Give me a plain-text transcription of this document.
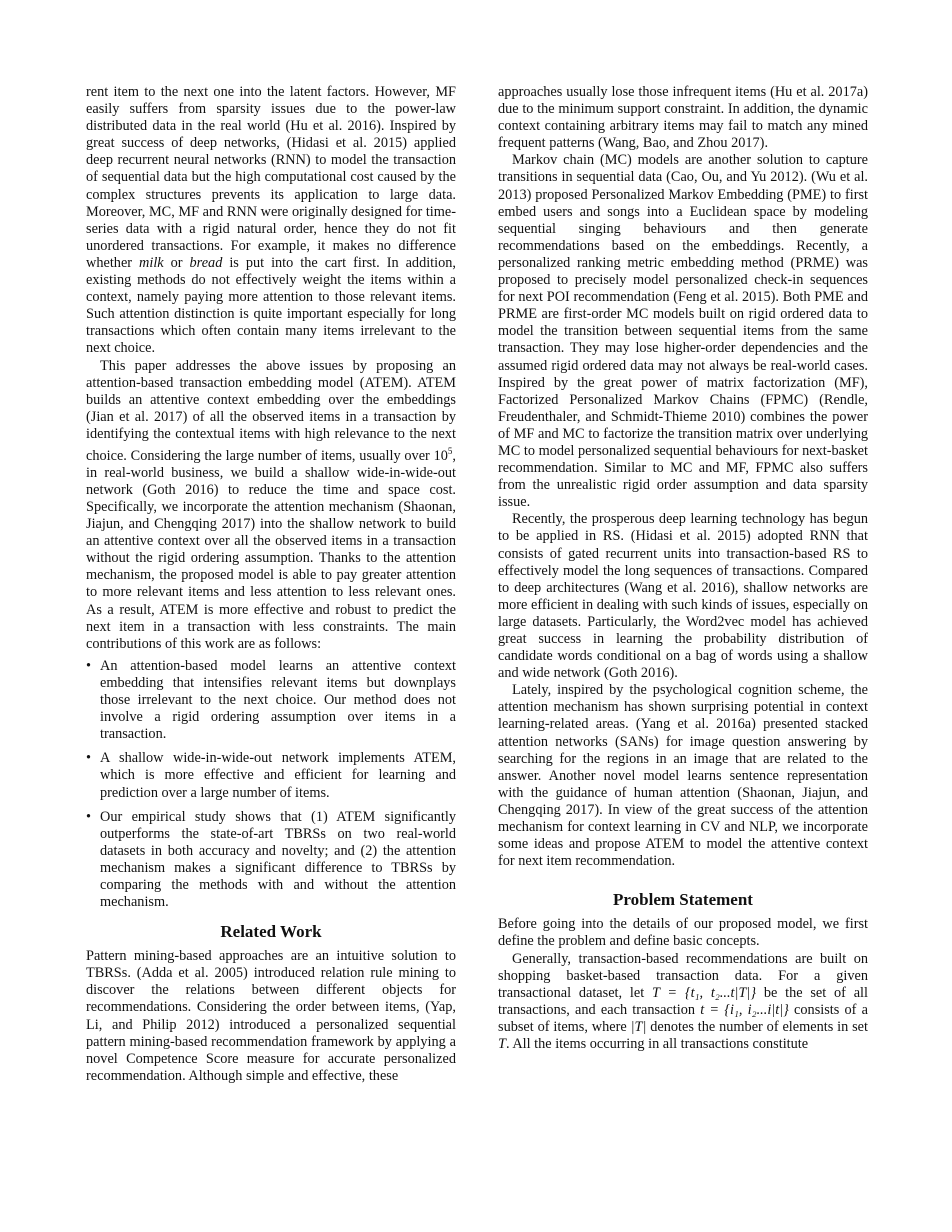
rent item to the next one into the latent factors. However, MF easily suffers from sparsity issues due to the power-law distributed data in the real world (Hu et al. 2016). Inspired by great success of deep networks, (Hidasi et al. 2015) applied deep recurrent neural networks (RNN) to model the transaction of sequential data but the high computational cost caused by the complex structures prevents its application to large data. Moreover, MC, MF and RNN were originally designed for time-series data with a rigid natural order, hence they do not fit unordered transactions. For example, it makes no difference whether milk or bread is put into the cart first. In addition, existing methods do not effectively weight the items within a context, namely paying more attention to those relevant items. Such attention distinction is quite important especially for long transactions which often contain many items irrelevant to the next choice.

This paper addresses the above issues by proposing an attention-based transaction embedding model (ATEM). ATEM builds an attentive context embedding over the embeddings (Jian et al. 2017) of all the observed items in a transaction by identifying the contextual items with high relevance to the next choice. Considering the large number of items, usually over $10^5$, in real-world business, we build a shallow wide-in-wide-out network (Goth 2016) to reduce the time and space cost. Specifically, we incorporate the attention mechanism (Shaonan, Jiajun, and Chengqing 2017) into the shallow network to build an attentive context over all the observed items in a transaction without the rigid ordering assumption. Thanks to the attention mechanism, the proposed model is able to pay greater attention to more relevant items and less attention to less relevant ones. As a result, ATEM is more effective and robust to predict the next item in a transaction with less constraints. The main contributions of this work are as follows:

• An attention-based model learns an attentive context embedding that intensifies relevant items but downplays those irrelevant to the next choice. Our method does not involve a rigid ordering assumption over items in a transaction.

• A shallow wide-in-wide-out network implements ATEM, which is more effective and efficient for learning and prediction over a large number of items.

• Our empirical study shows that (1) ATEM significantly outperforms the state-of-art TBRSs on two real-world datasets in both accuracy and novelty; and (2) the attention mechanism makes a significant difference to TBRSs by comparing the methods with and without the attention mechanism.

Related Work

Pattern mining-based approaches are an intuitive solution to TBRSs. (Adda et al. 2005) introduced relation rule mining to discover the relations between different objects for recommendations. Considering the order between items, (Yap, Li, and Philip 2012) introduced a personalized sequential pattern mining-based recommendation framework by applying a novel Competence Score measure for accurate personalized recommendation. Although simple and effective, these

approaches usually lose those infrequent items (Hu et al. 2017a) due to the minimum support constraint. In addition, the dynamic context containing arbitrary items may fail to match any mined frequent patterns (Wang, Bao, and Zhou 2017).

Markov chain (MC) models are another solution to capture transitions in sequential data (Cao, Ou, and Yu 2012). (Wu et al. 2013) proposed Personalized Markov Embedding (PME) to first embed users and songs into a Euclidean space by modeling sequential singing behaviours and then generate recommendations based on the embeddings. Recently, a personalized ranking metric embedding method (PRME) was proposed to precisely model personalized check-in sequences for next POI recommendation (Feng et al. 2015). Both PME and PRME are first-order MC models built on rigid ordered data to model the transition between sequential items from the same transaction. They may lose higher-order dependencies and the assumed rigid ordered data may not always be real-world cases. Inspired by the great power of matrix factorization (MF), Factorized Personalized Markov Chains (FPMC) (Rendle, Freudenthaler, and Schmidt-Thieme 2010) combines the power of MF and MC to factorize the transition matrix over underlying MC to model personalized sequential behaviours for next-basket recommendation. Similar to MC and MF, FPMC also suffers from the unrealistic rigid order assumption and data sparsity issue.

Recently, the prosperous deep learning technology has begun to be applied in RS. (Hidasi et al. 2015) adopted RNN that consists of gated recurrent units into transaction-based RS to effectively model the long sequences of transactions. Compared to deep architectures (Wang et al. 2016), shallow networks are more efficient in dealing with such kinds of issues, especially on large datasets. Particularly, the Word2vec model has achieved great success in learning the probability distribution of candidate words conditional on a bag of words using a shallow and wide network (Goth 2016).

Lately, inspired by the psychological cognition scheme, the attention mechanism has shown surprising potential in context learning-related areas. (Yang et al. 2016a) presented stacked attention networks (SANs) for image question answering by searching for the regions in an image that are related to the answer. Another novel model learns sentence representation with the guidance of human attention (Shaonan, Jiajun, and Chengqing 2017). In view of the great success of the attention mechanism for context learning in CV and NLP, we incorporate some ideas and propose ATEM to model the attentive context for next item recommendation.

Problem Statement

Before going into the details of our proposed model, we first define the problem and define basic concepts.

Generally, transaction-based recommendations are built on shopping basket-based transaction data. For a given transactional dataset, let T = {t₁, t₂...t|T|} be the set of all transactions, and each transaction t = {i₁, i₂...i|t|} consists of a subset of items, where |T| denotes the number of elements in set T. All the items occurring in all transactions constitute
